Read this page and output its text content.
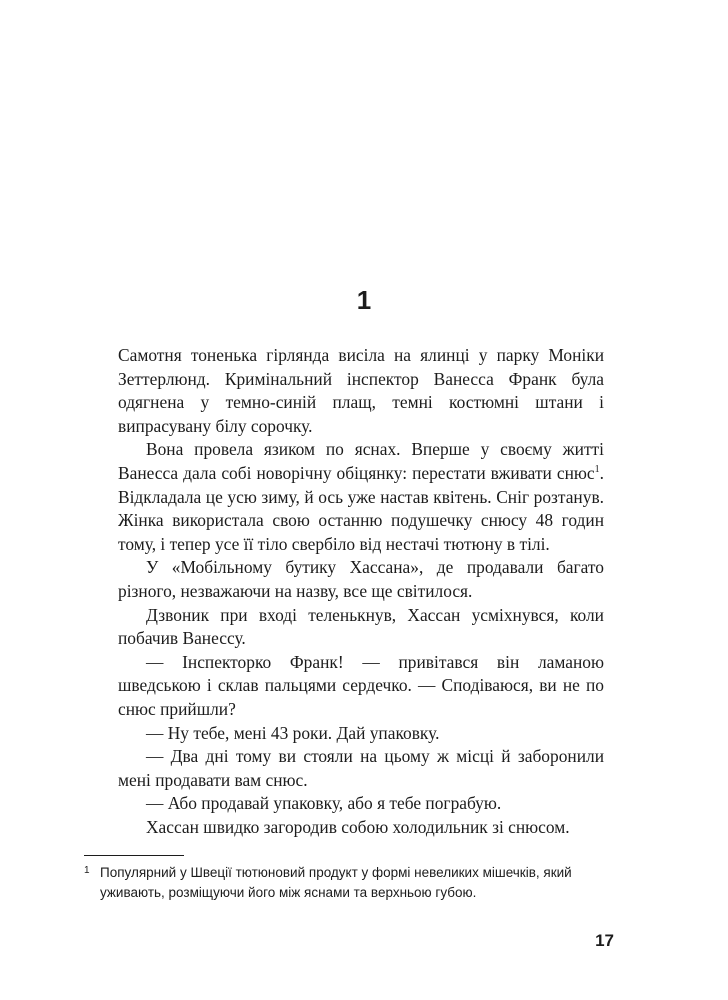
1

Самотня тоненька гірлянда висіла на ялинці у парку Моніки Зеттерлюнд. Кримінальний інспектор Ванесса Франк була одягнена у темно-синій плащ, темні костюмні штани і випрасувану білу сорочку.

Вона провела язиком по яснах. Вперше у своєму житті Ванесса дала собі новорічну обіцянку: перестати вживати снюс$^1$. Відкладала це усю зиму, й ось уже настав квітень. Сніг розтанув. Жінка використала свою останню подушечку снюсу 48 годин тому, і тепер усе її тіло свербіло від нестачі тютюну в тілі.

У «Мобільному бутику Хассана», де продавали багато різного, незважаючи на назву, все ще світилося.

Дзвоник при вході теленькнув, Хассан усміхнувся, коли побачив Ванессу.

— Інспекторко Франк! — привітався він ламаною шведською і склав пальцями сердечко. — Сподіваюся, ви не по снюс прийшли?

— Ну тебе, мені 43 роки. Дай упаковку.

— Два дні тому ви стояли на цьому ж місці й заборонили мені продавати вам снюс.

— Або продавай упаковку, або я тебе пограбую.

Хассан швидко загородив собою холодильник зі снюсом.

1 Популярний у Швеції тютюновий продукт у формі невеликих мішечків, який уживають, розміщуючи його між яснами та верхньою губою.
17
